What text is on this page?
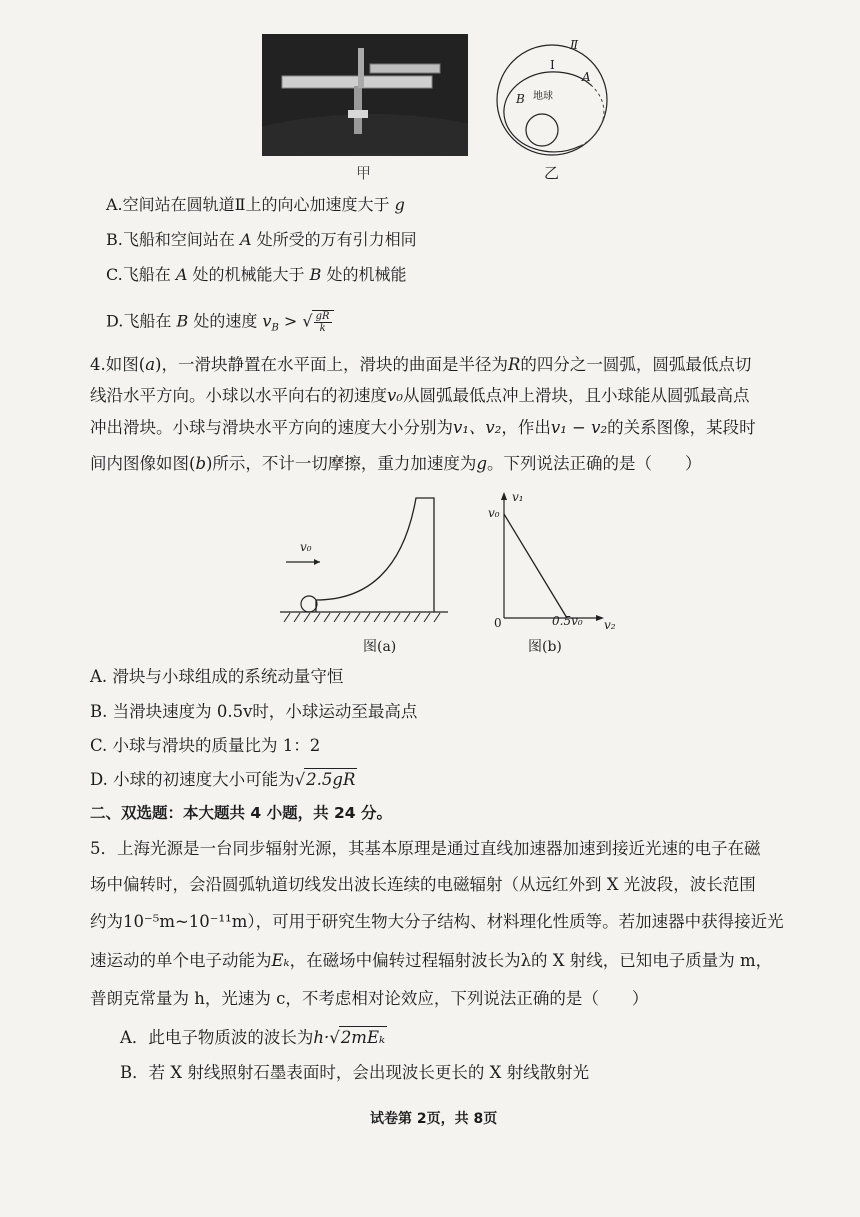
甲
Ⅱ
Ⅰ
A
B 地球
乙
A.空间站在圆轨道Ⅱ上的向心加速度大于 g
B.飞船和空间站在 A 处所受的万有引力相同
C.飞船在 A 处的机械能大于 B 处的机械能
D.飞船在 B 处的速度 $v_B$ > √ $\frac{gR}{k}$
4.如图(a)，一滑块静置在水平面上，滑块的曲面是半径为R的四分之一圆弧，圆弧最低点切
线沿水平方向。小球以水平向右的初速度v₀从圆弧最低点冲上滑块，且小球能从圆弧最高点
冲出滑块。小球与滑块水平方向的速度大小分别为v₁、v₂，作出v₁ − v₂的关系图像，某段时
间内图像如图(b)所示，不计一切摩擦，重力加速度为g。下列说法正确的是（　　）
v₀
图(a)
v₁
v₀
0	0.5v₀ v₂
图(b)
A. 滑块与小球组成的系统动量守恒
B. 当滑块速度为 0.5v时，小球运动至最高点
C. 小球与滑块的质量比为 1：2
D. 小球的初速度大小可能为√2.5gR
二、双选题：本大题共 4 小题，共 24 分。
5．上海光源是一台同步辐射光源，其基本原理是通过直线加速器加速到接近光速的电子在磁
场中偏转时，会沿圆弧轨道切线发出波长连续的电磁辐射（从远红外到 X 光波段，波长范围
约为10⁻⁵m~10⁻¹¹m），可用于研究生物大分子结构、材料理化性质等。若加速器中获得接近光
速运动的单个电子动能为Eₖ，在磁场中偏转过程辐射波长为λ的 X 射线，已知电子质量为 m，
普朗克常量为 h，光速为 c，不考虑相对论效应，下列说法正确的是（　　）
A．此电子物质波的波长为h·√2mEₖ
B．若 X 射线照射石墨表面时，会出现波长更长的 X 射线散射光
试卷第 2页，共 8页
